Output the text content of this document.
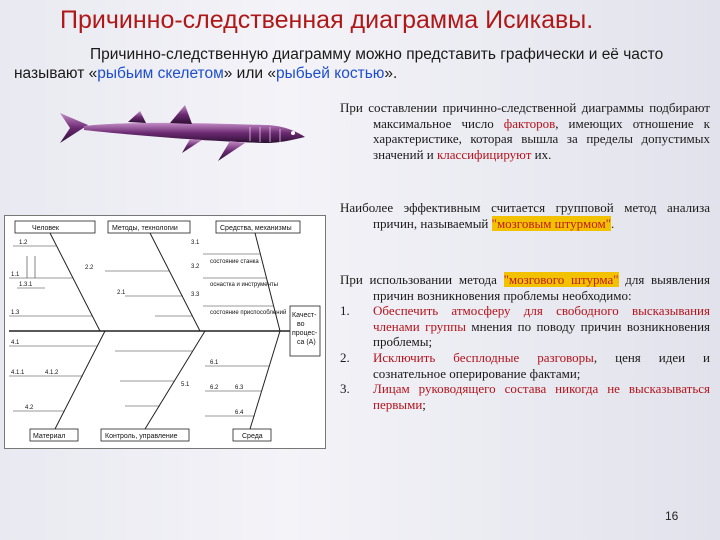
Причинно-следственная диаграмма Исикавы.
Причинно-следственную диаграмму можно представить графически и её часто называют «рыбьим скелетом» или «рыбьей костью».
Человек	Методы, технологии	Средства, механизмы
Материал	Контроль, управление	Среда
Качест-
во
процес-
са (А)
1.2
1.1
1.3.1
1.3
2.2
2.1
3.1
3.2
3.3
4.1
4.1.1	4.1.2
4.2
5.1
6.1
6.2	6.3
6.4
состояние станка
оснастка и инструменты
состояние приспособлений

При составлении причинно-следственной диаграммы подбирают максимальное число факторов, имеющих отношение к характеристике, которая вышла за пределы допустимых значений и классифицируют их.

Наиболее эффективным считается групповой метод анализа причин, называемый "мозговым штурмом".

При использовании метода "мозгового штурма" для выявления причин возникновения проблемы необходимо:

1. Обеспечить атмосферу для свободного высказывания членами группы мнения по поводу причин возникновения проблемы;
2. Исключить бесплодные разговоры, ценя идеи и сознательное оперирование фактами;
3. Лицам руководящего состава никогда не высказываться первыми;
16
